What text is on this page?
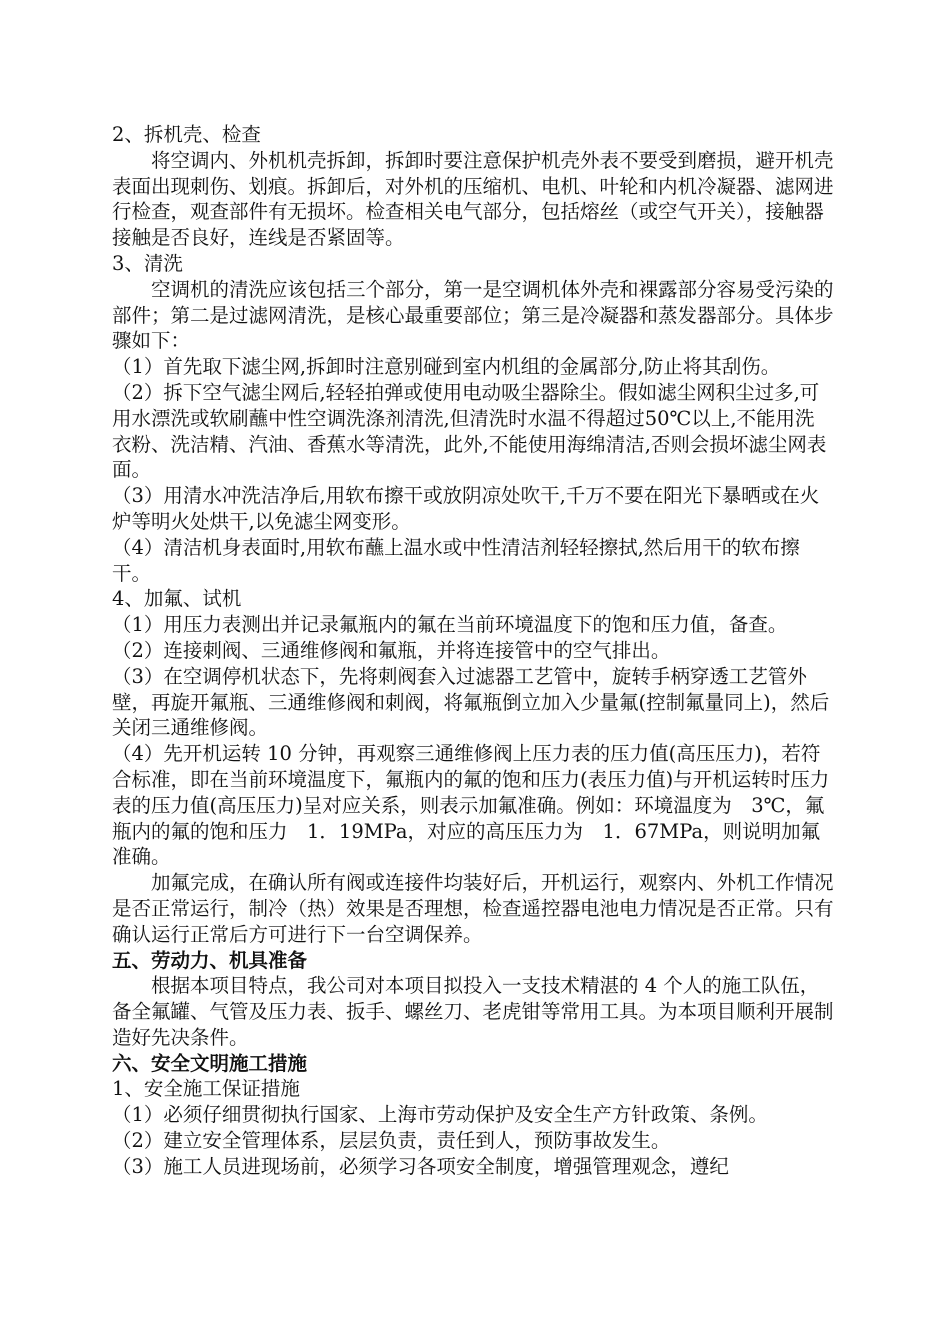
2、拆机壳、检查

将空调内、外机机壳拆卸，拆卸时要注意保护机壳外表不要受到磨损，避开机壳表面出现刺伤、划痕。拆卸后，对外机的压缩机、电机、叶轮和内机冷凝器、滤网进行检查，观查部件有无损坏。检查相关电气部分，包括熔丝（或空气开关），接触器接触是否良好，连线是否紧固等。

3、清洗

空调机的清洗应该包括三个部分，第一是空调机体外壳和裸露部分容易受污染的部件；第二是过滤网清洗，是核心最重要部位；第三是冷凝器和蒸发器部分。具体步骤如下：

（1）首先取下滤尘网,拆卸时注意别碰到室内机组的金属部分,防止将其刮伤。

（2）拆下空气滤尘网后,轻轻拍弹或使用电动吸尘器除尘。假如滤尘网积尘过多,可用水漂洗或软刷蘸中性空调洗涤剂清洗,但清洗时水温不得超过50℃以上,不能用洗衣粉、洗洁精、汽油、香蕉水等清洗，此外,不能使用海绵清洁,否则会损坏滤尘网表面。

（3）用清水冲洗洁净后,用软布擦干或放阴凉处吹干,千万不要在阳光下暴晒或在火炉等明火处烘干,以免滤尘网变形。

（4）清洁机身表面时,用软布蘸上温水或中性清洁剂轻轻擦拭,然后用干的软布擦干。

4、加氟、试机

（1）用压力表测出并记录氟瓶内的氟在当前环境温度下的饱和压力值，备查。

（2）连接刺阀、三通维修阀和氟瓶，并将连接管中的空气排出。

（3）在空调停机状态下，先将刺阀套入过滤器工艺管中，旋转手柄穿透工艺管外壁，再旋开氟瓶、三通维修阀和刺阀，将氟瓶倒立加入少量氟(控制氟量同上)，然后关闭三通维修阀。

（4）先开机运转 10 分钟，再观察三通维修阀上压力表的压力值(高压压力)，若符合标准，即在当前环境温度下，氟瓶内的氟的饱和压力(表压力值)与开机运转时压力表的压力值(高压压力)呈对应关系，则表示加氟准确。例如：环境温度为　3℃，氟瓶内的氟的饱和压力　1．19MPa，对应的高压压力为　1．67MPa，则说明加氟准确。

加氟完成，在确认所有阀或连接件均装好后，开机运行，观察内、外机工作情况是否正常运行，制冷（热）效果是否理想，检查遥控器电池电力情况是否正常。只有确认运行正常后方可进行下一台空调保养。

五、劳动力、机具准备

根据本项目特点，我公司对本项目拟投入一支技术精湛的 4 个人的施工队伍，备全氟罐、气管及压力表、扳手、螺丝刀、老虎钳等常用工具。为本项目顺利开展制造好先决条件。

六、安全文明施工措施

1、安全施工保证措施

（1）必须仔细贯彻执行国家、上海市劳动保护及安全生产方针政策、条例。

（2）建立安全管理体系，层层负责，责任到人，预防事故发生。

（3）施工人员进现场前，必须学习各项安全制度，增强管理观念，遵纪
